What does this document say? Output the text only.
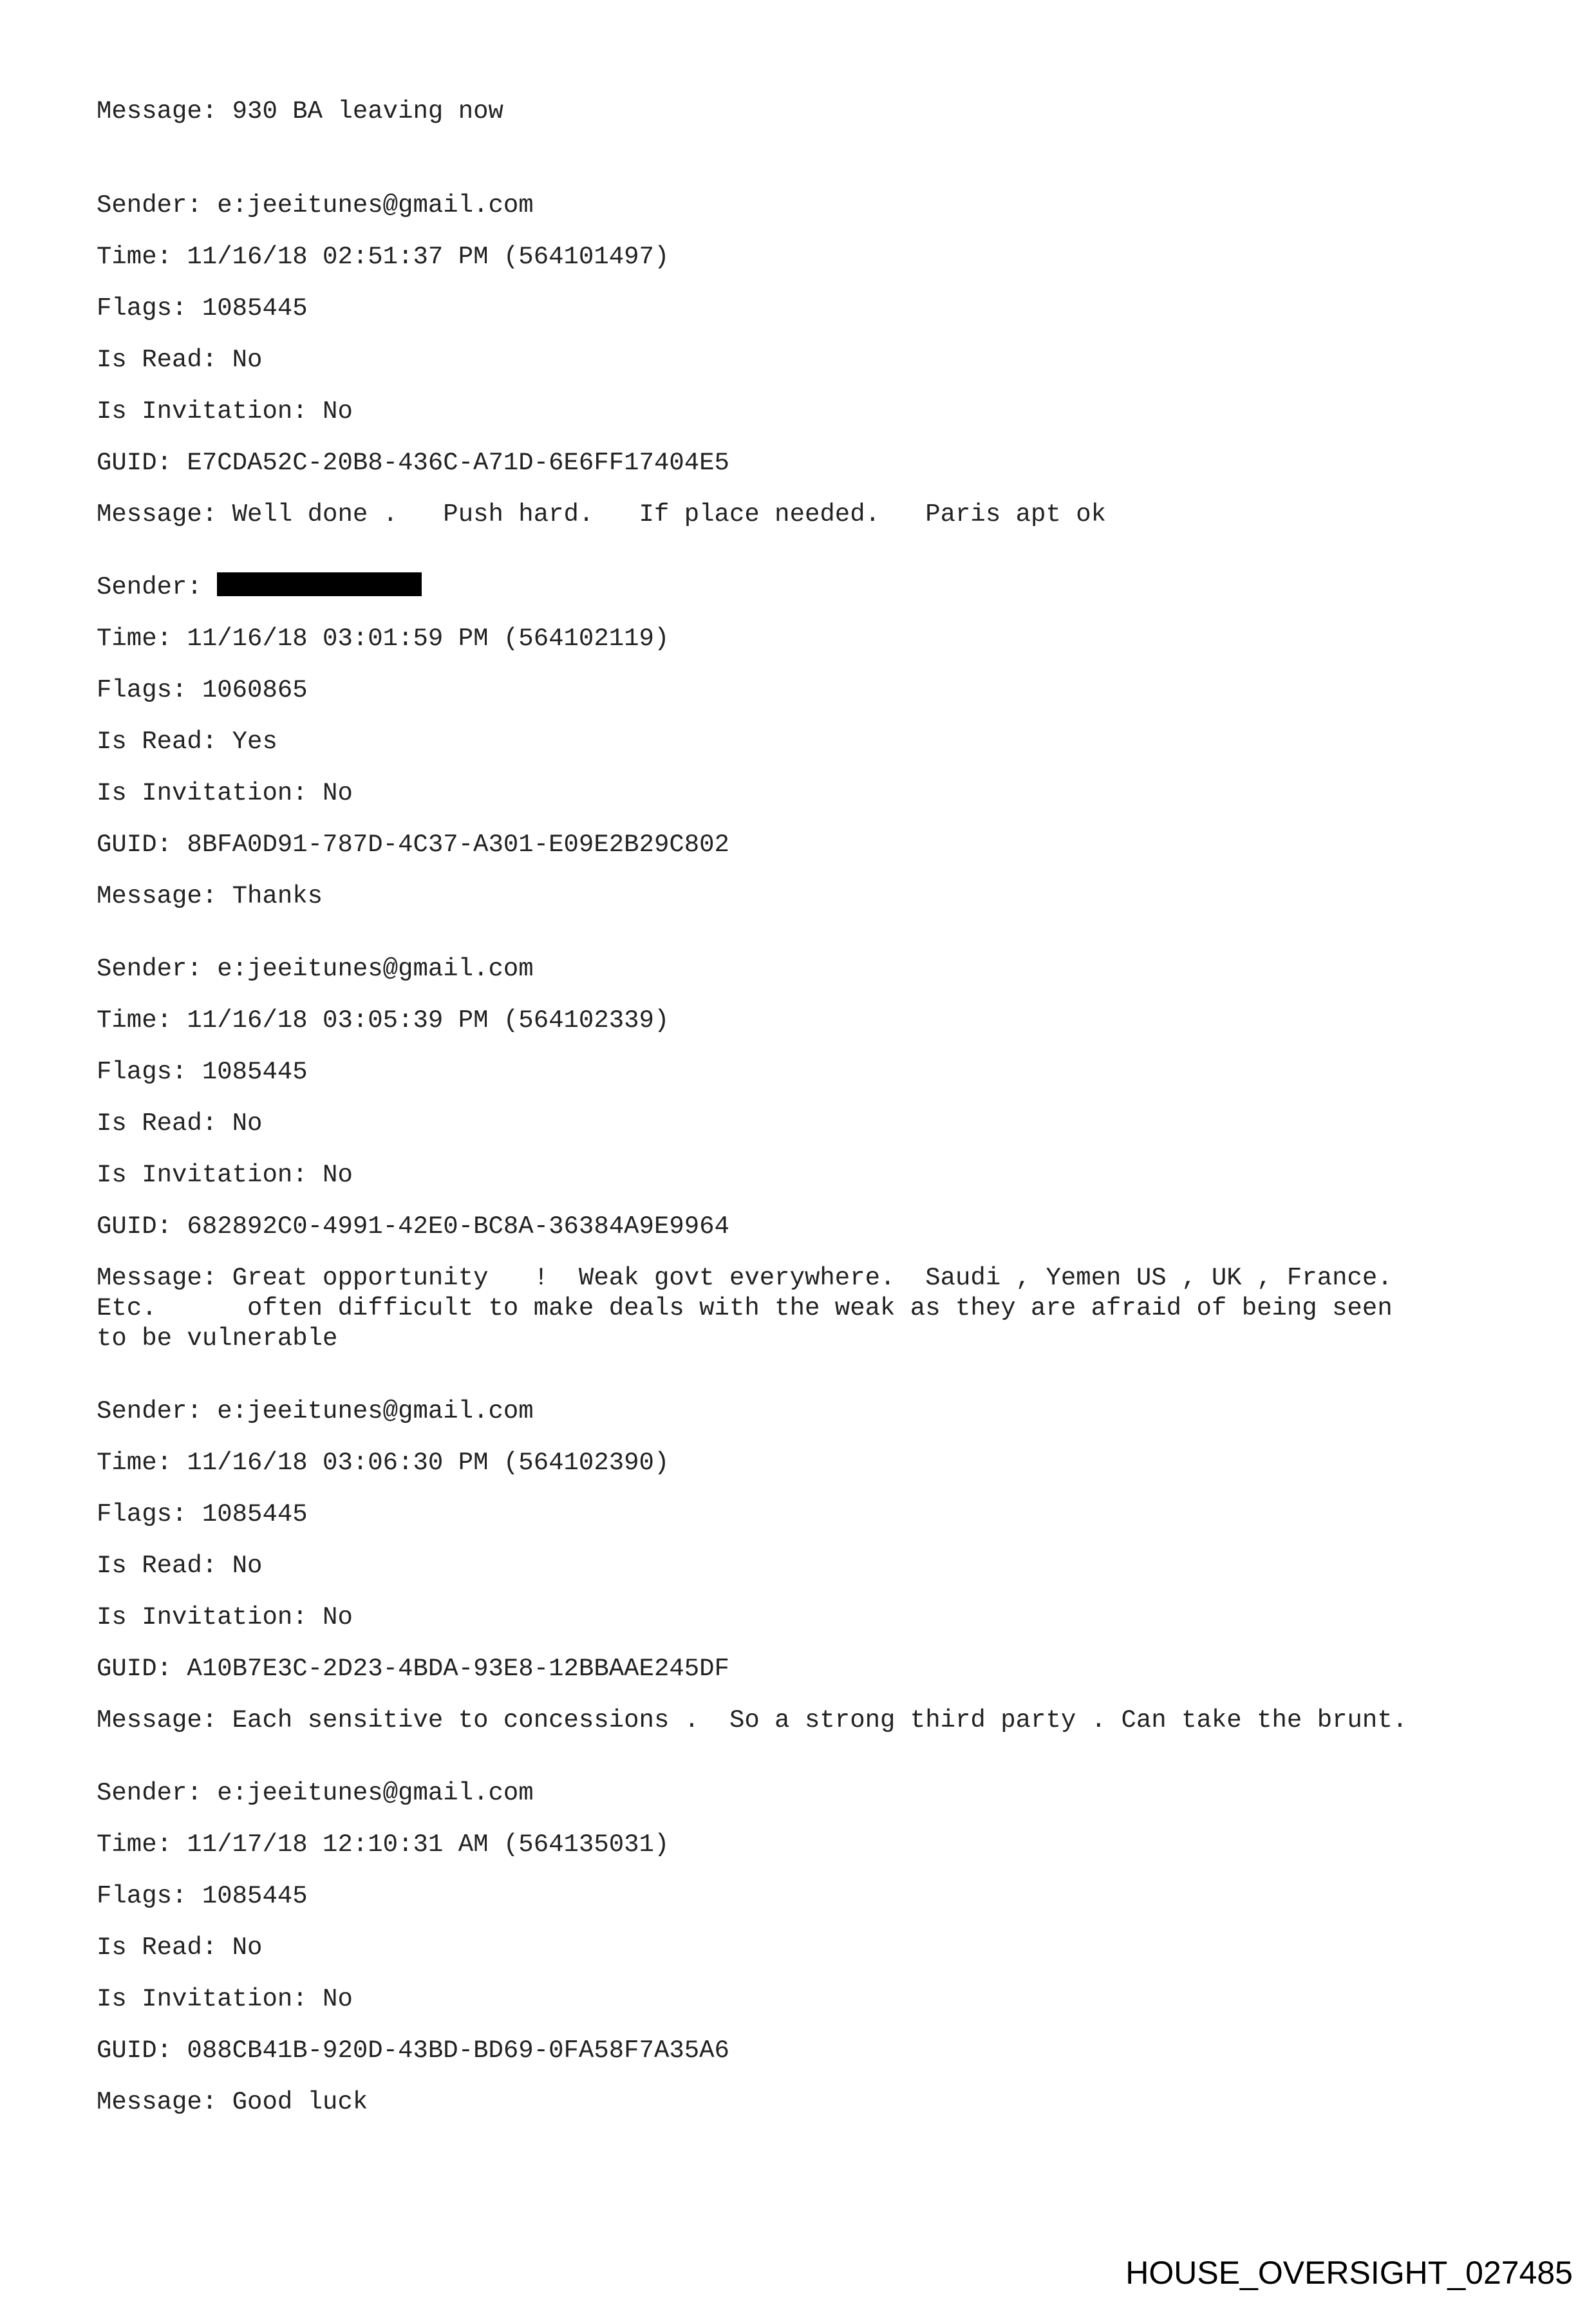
Message: 930 BA leaving now

Sender: e:jeeitunes@gmail.com

Time: 11/16/18 02:51:37 PM (564101497)

Flags: 1085445

Is Read: No

Is Invitation: No

GUID: E7CDA52C-20B8-436C-A71D-6E6FF17404E5

Message: Well done .   Push hard.   If place needed.   Paris apt ok

Sender:

Time: 11/16/18 03:01:59 PM (564102119)

Flags: 1060865

Is Read: Yes

Is Invitation: No

GUID: 8BFA0D91-787D-4C37-A301-E09E2B29C802

Message: Thanks

Sender: e:jeeitunes@gmail.com

Time: 11/16/18 03:05:39 PM (564102339)

Flags: 1085445

Is Read: No

Is Invitation: No

GUID: 682892C0-4991-42E0-BC8A-36384A9E9964

Message: Great opportunity   !  Weak govt everywhere.  Saudi , Yemen US , UK , France.
Etc.      often difficult to make deals with the weak as they are afraid of being seen
to be vulnerable

Sender: e:jeeitunes@gmail.com

Time: 11/16/18 03:06:30 PM (564102390)

Flags: 1085445

Is Read: No

Is Invitation: No

GUID: A10B7E3C-2D23-4BDA-93E8-12BBAAE245DF

Message: Each sensitive to concessions .  So a strong third party . Can take the brunt.

Sender: e:jeeitunes@gmail.com

Time: 11/17/18 12:10:31 AM (564135031)

Flags: 1085445

Is Read: No

Is Invitation: No

GUID: 088CB41B-920D-43BD-BD69-0FA58F7A35A6

Message: Good luck

HOUSE_OVERSIGHT_027485
